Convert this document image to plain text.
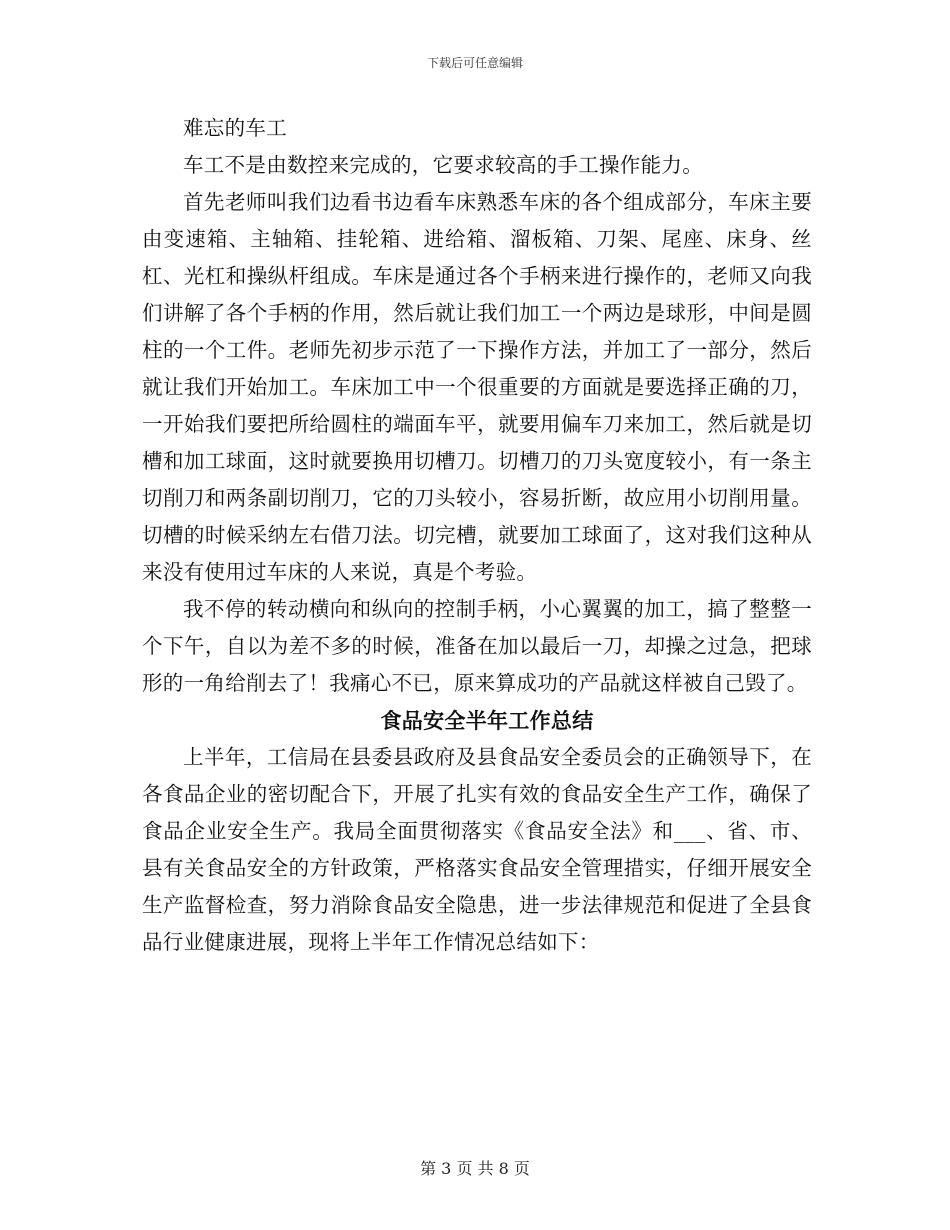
下载后可任意编辑

难忘的车工

车工不是由数控来完成的，它要求较高的手工操作能力。

首先老师叫我们边看书边看车床熟悉车床的各个组成部分，车床主要由变速箱、主轴箱、挂轮箱、进给箱、溜板箱、刀架、尾座、床身、丝杠、光杠和操纵杆组成。车床是通过各个手柄来进行操作的，老师又向我们讲解了各个手柄的作用，然后就让我们加工一个两边是球形，中间是圆柱的一个工件。老师先初步示范了一下操作方法，并加工了一部分，然后就让我们开始加工。车床加工中一个很重要的方面就是要选择正确的刀，一开始我们要把所给圆柱的端面车平，就要用偏车刀来加工，然后就是切槽和加工球面，这时就要换用切槽刀。切槽刀的刀头宽度较小，有一条主切削刀和两条副切削刀，它的刀头较小，容易折断，故应用小切削用量。切槽的时候采纳左右借刀法。切完槽，就要加工球面了，这对我们这种从来没有使用过车床的人来说，真是个考验。

我不停的转动横向和纵向的控制手柄，小心翼翼的加工，搞了整整一个下午，自以为差不多的时候，准备在加以最后一刀，却操之过急，把球形的一角给削去了！我痛心不已，原来算成功的产品就这样被自己毁了。

食品安全半年工作总结

上半年，工信局在县委县政府及县食品安全委员会的正确领导下，在各食品企业的密切配合下，开展了扎实有效的食品安全生产工作，确保了食品企业安全生产。我局全面贯彻落实《食品安全法》和___、省、市、县有关食品安全的方针政策，严格落实食品安全管理措实，仔细开展安全生产监督检查，努力消除食品安全隐患，进一步法律规范和促进了全县食品行业健康进展，现将上半年工作情况总结如下：

第 3 页 共 8 页
